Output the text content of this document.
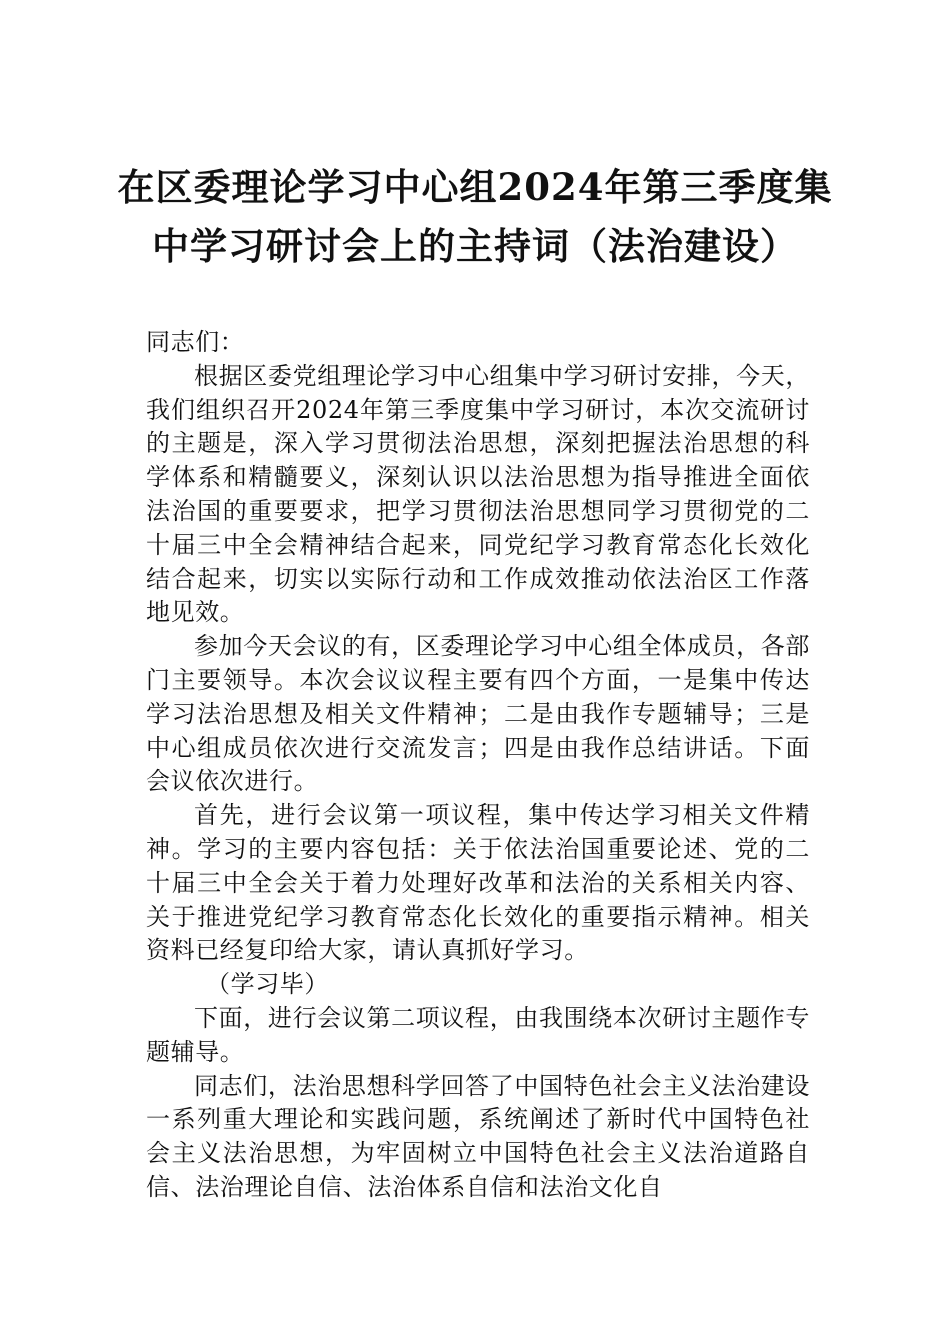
在区委理论学习中心组2024年第三季度集
中学习研讨会上的主持词（法治建设）

同志们：

根据区委党组理论学习中心组集中学习研讨安排，今天，我们组织召开2024年第三季度集中学习研讨，本次交流研讨的主题是，深入学习贯彻法治思想，深刻把握法治思想的科学体系和精髓要义，深刻认识以法治思想为指导推进全面依法治国的重要要求，把学习贯彻法治思想同学习贯彻党的二十届三中全会精神结合起来，同党纪学习教育常态化长效化结合起来，切实以实际行动和工作成效推动依法治区工作落地见效。

参加今天会议的有，区委理论学习中心组全体成员，各部门主要领导。本次会议议程主要有四个方面，一是集中传达学习法治思想及相关文件精神；二是由我作专题辅导；三是中心组成员依次进行交流发言；四是由我作总结讲话。下面会议依次进行。

首先，进行会议第一项议程，集中传达学习相关文件精神。学习的主要内容包括：关于依法治国重要论述、党的二十届三中全会关于着力处理好改革和法治的关系相关内容、关于推进党纪学习教育常态化长效化的重要指示精神。相关资料已经复印给大家，请认真抓好学习。

（学习毕）

下面，进行会议第二项议程，由我围绕本次研讨主题作专题辅导。

同志们，法治思想科学回答了中国特色社会主义法治建设一系列重大理论和实践问题，系统阐述了新时代中国特色社会主义法治思想，为牢固树立中国特色社会主义法治道路自信、法治理论自信、法治体系自信和法治文化自
